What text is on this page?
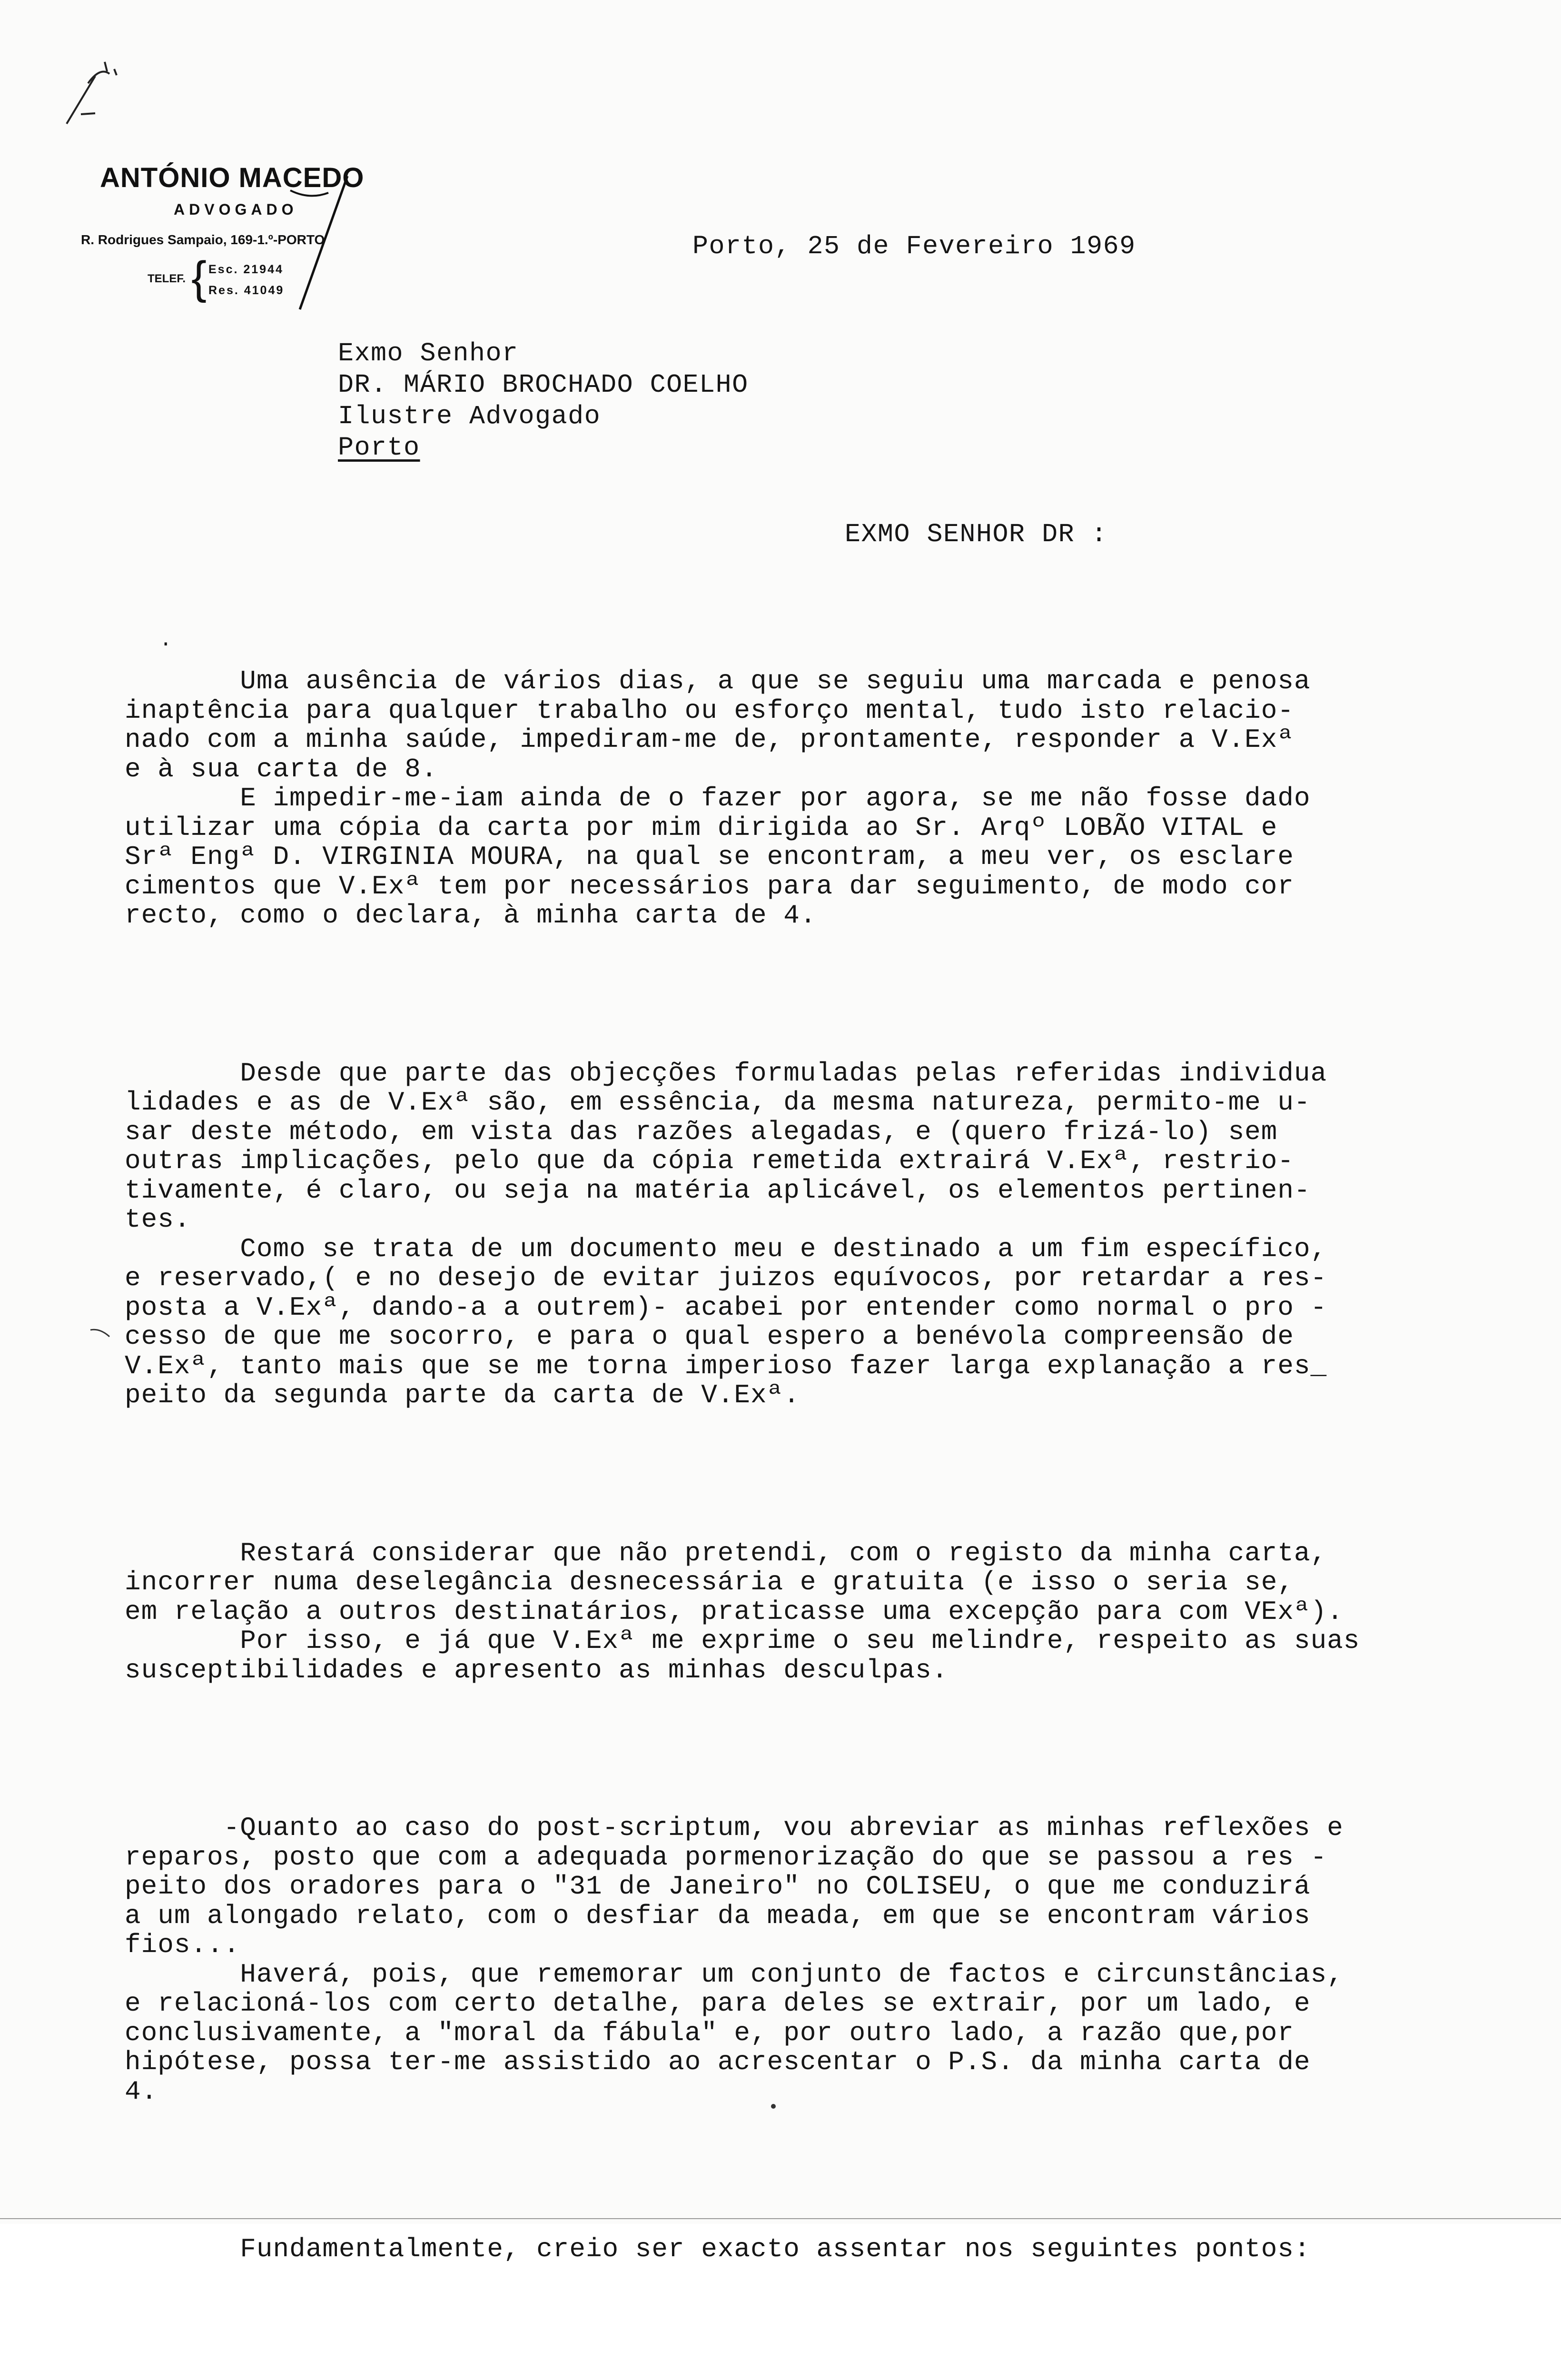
ANTÓNIO MACEDO
ADVOGADO
R. Rodrigues Sampaio, 169-1.º-PORTO
TELEF. { Esc. 21944
Res. 41049
Porto, 25 de Fevereiro 1969
Exmo Senhor
DR. MÁRIO BROCHADO COELHO
Ilustre Advogado
Porto
EXMO SENHOR DR :
.

Uma ausência de vários dias, a que se seguiu uma marcada e penosa
inaptência para qualquer trabalho ou esforço mental, tudo isto relacio-
nado com a minha saúde, impediram-me de, prontamente, responder a V.Exª
e à sua carta de 8.
E impedir-me-iam ainda de o fazer por agora, se me não fosse dado
utilizar uma cópia da carta por mim dirigida ao Sr. Arqº LOBÃO VITAL e
Srª Engª D. VIRGINIA MOURA, na qual se encontram, a meu ver, os esclare
cimentos que V.Exª tem por necessários para dar seguimento, de modo cor
recto, como o declara, à minha carta de 4.

Desde que parte das objecções formuladas pelas referidas individua
lidades e as de V.Exª são, em essência, da mesma natureza, permito-me u-
sar deste método, em vista das razões alegadas, e (quero frizá-lo) sem
outras implicações, pelo que da cópia remetida extrairá V.Exª, restrio-
tivamente, é claro, ou seja na matéria aplicável, os elementos pertinen-
tes.
Como se trata de um documento meu e destinado a um fim específico,
e reservado,( e no desejo de evitar juizos equívocos, por retardar a res-
posta a V.Exª, dando-a a outrem)- acabei por entender como normal o pro -
cesso de que me socorro, e para o qual espero a benévola compreensão de
V.Exª, tanto mais que se me torna imperioso fazer larga explanação a res_
peito da segunda parte da carta de V.Exª.

Restará considerar que não pretendi, com o registo da minha carta,
incorrer numa deselegância desnecessária e gratuita (e isso o seria se,
em relação a outros destinatários, praticasse uma excepção para com VExª).
Por isso, e já que V.Exª me exprime o seu melindre, respeito as suas
susceptibilidades e apresento as minhas desculpas.

-Quanto ao caso do post-scriptum, vou abreviar as minhas reflexões e
reparos, posto que com a adequada pormenorização do que se passou a res -
peito dos oradores para o "31 de Janeiro" no COLISEU, o que me conduzirá
a um alongado relato, com o desfiar da meada, em que se encontram vários
fios...
Haverá, pois, que rememorar um conjunto de factos e circunstâncias,
e relacioná-los com certo detalhe, para deles se extrair, por um lado, e
conclusivamente, a "moral da fábula" e, por outro lado, a razão que,por
hipótese, possa ter-me assistido ao acrescentar o P.S. da minha carta de
4.

Fundamentalmente, creio ser exacto assentar nos seguintes pontos:
